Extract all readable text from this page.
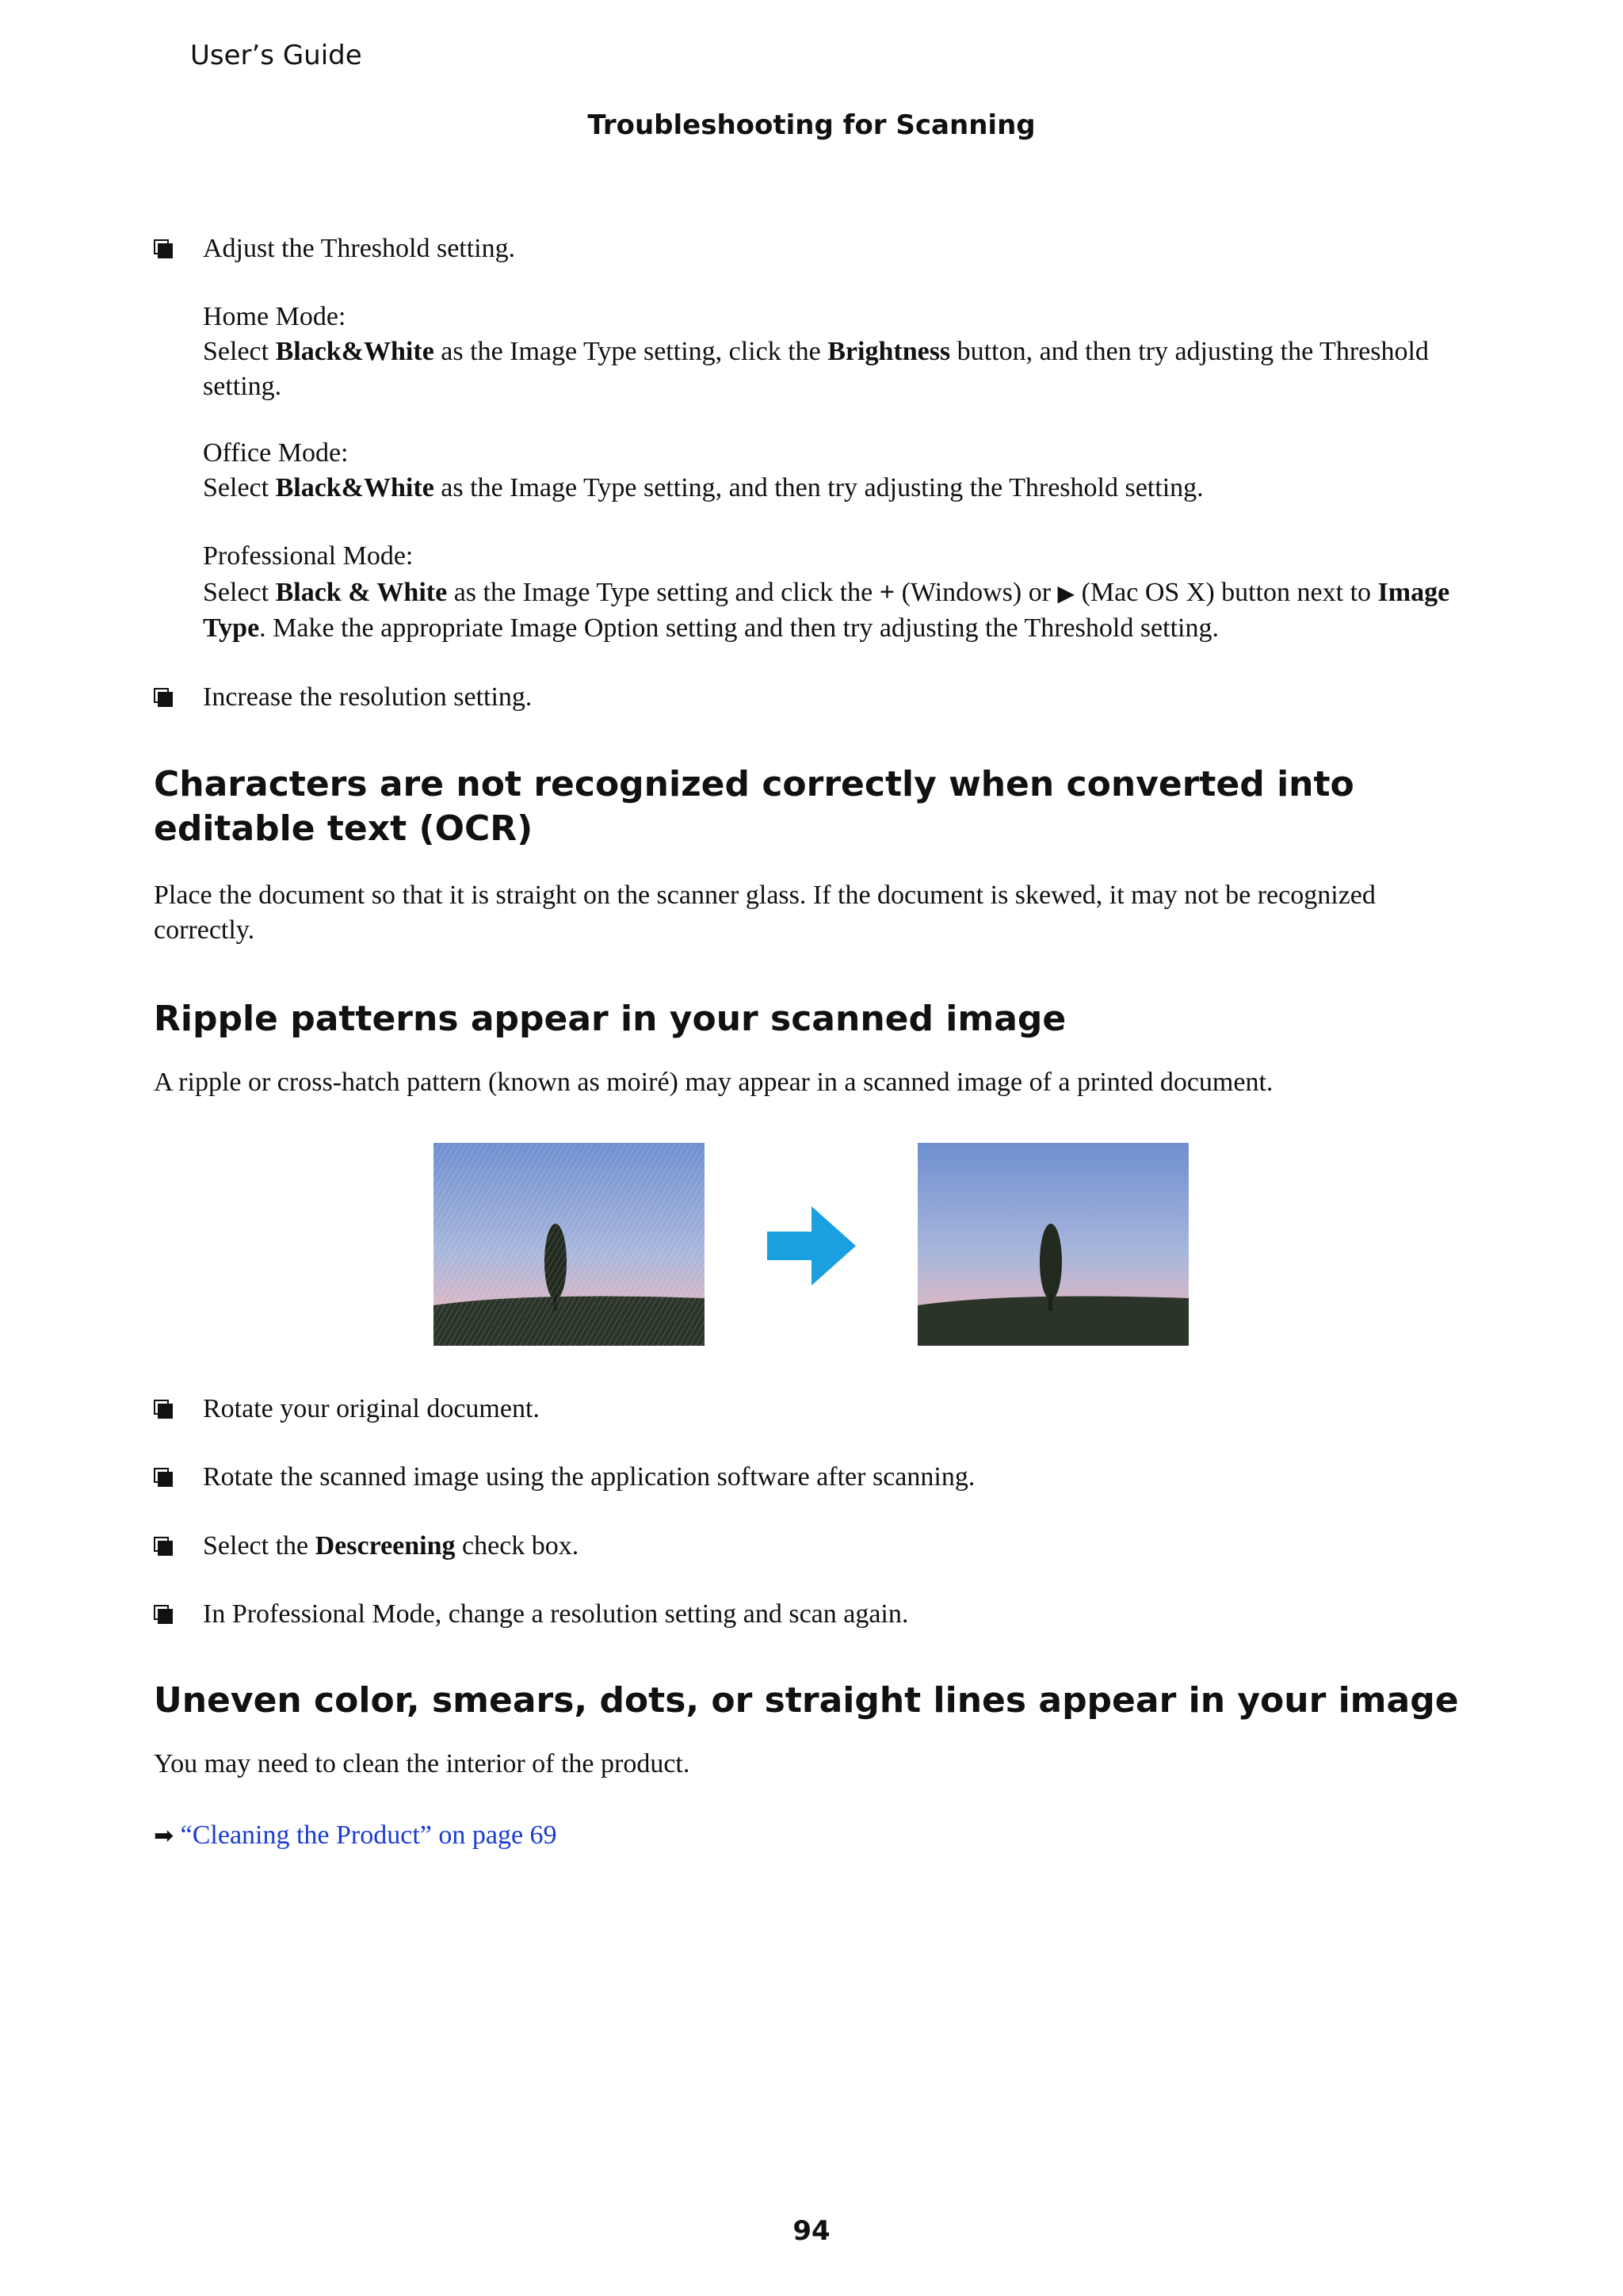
User’s Guide
Troubleshooting for Scanning
Adjust the Threshold setting.
Home Mode:
Select Black&White as the Image Type setting, click the Brightness button, and then try adjusting the Threshold setting.
Office Mode:
Select Black&White as the Image Type setting, and then try adjusting the Threshold setting.
Professional Mode:
Select Black & White as the Image Type setting and click the + (Windows) or ▶ (Mac OS X) button next to Image Type. Make the appropriate Image Option setting and then try adjusting the Threshold setting.
Increase the resolution setting.
Characters are not recognized correctly when converted into editable text (OCR)
Place the document so that it is straight on the scanner glass. If the document is skewed, it may not be recognized correctly.
Ripple patterns appear in your scanned image
A ripple or cross-hatch pattern (known as moiré) may appear in a scanned image of a printed document.
Rotate your original document.
Rotate the scanned image using the application software after scanning.
Select the Descreening check box.
In Professional Mode, change a resolution setting and scan again.
Uneven color, smears, dots, or straight lines appear in your image
You may need to clean the interior of the product.
➡ “Cleaning the Product” on page 69
94
